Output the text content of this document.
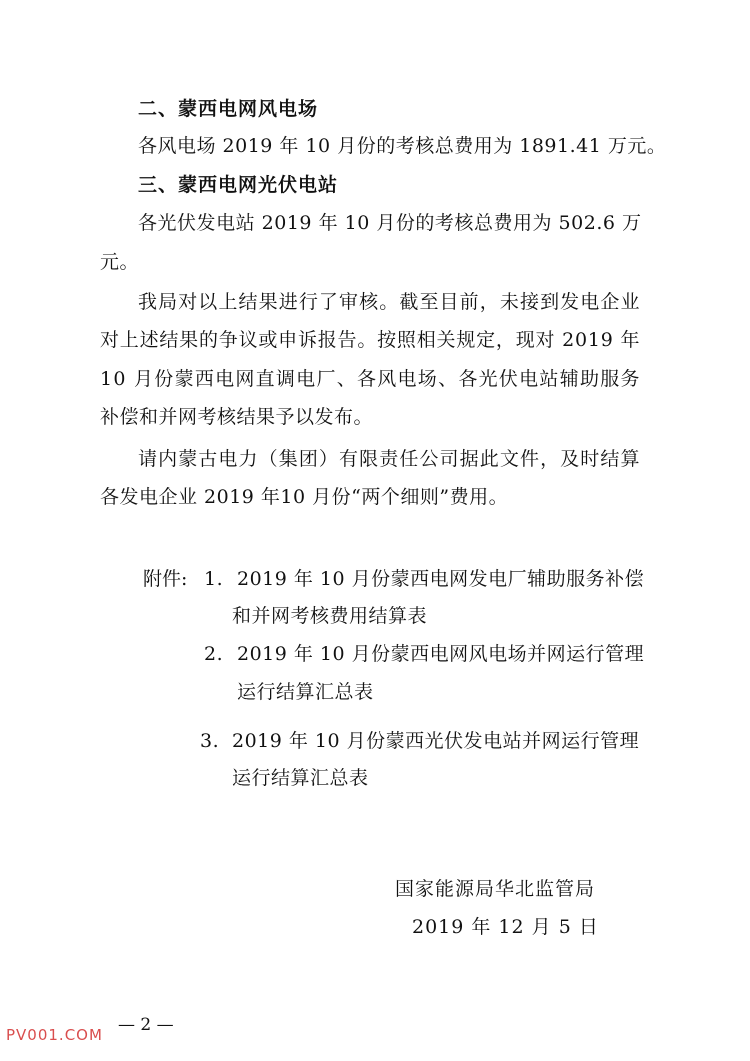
二、蒙西电网风电场
各风电场 2019 年 10 月份的考核总费用为 1891.41 万元。
三、蒙西电网光伏电站
各 光 伏 发 电 站
2 0 1 9
年
1 0
月 份 的 考 核 总 费 用 为
5 0 2 . 6
万
元。
我局对以上结果进行了审核。截至目前，未接到发电企业
对上述结果的争议或申诉报告。按照相关规定，现对 2019 年
10 月份蒙西电网直调电厂、各风电场、各光伏电站辅助服务
补偿和并网考核结果予以发布。
请内蒙古电力（集团）有限责任公司据此文件，及时结算
各发电企业 2019 年10 月份“两个细则”费用。
附件: 1. 2019 年 10 月份蒙西电网发电厂辅助服务补偿
和并网考核费用结算表
2. 2019 年 10 月份蒙西电网风电场并网运行管理
运行结算汇总表
3. 2019 年 10 月份蒙西光伏发电站并网运行管理
运行结算汇总表
国家能源局华北监管局
2019 年 12 月 5 日
— 2 —
PV001.COM
